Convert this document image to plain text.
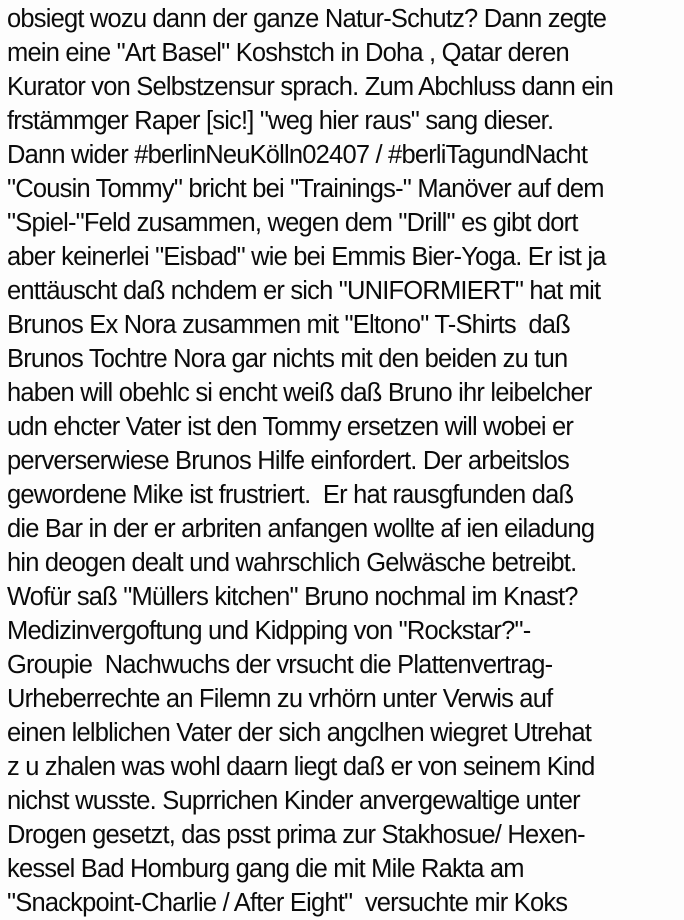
obsiegt wozu dann der ganze Natur-Schutz? Dann zegte
mein eine "Art Basel" Koshstch in Doha , Qatar deren
Kurator von Selbstzensur sprach. Zum Abchluss dann ein
frstämmger Raper [sic!] "weg hier raus" sang dieser.
Dann wider #berlinNeuKölln02407 / #berliTagundNacht
"Cousin Tommy" bricht bei "Trainings-" Manöver auf dem
"Spiel-"Feld zusammen, wegen dem "Drill" es gibt dort
aber keinerlei "Eisbad" wie bei Emmis Bier-Yoga. Er ist ja
enttäuscht daß nchdem er sich "UNIFORMIERT" hat mit
Brunos Ex Nora zusammen mit "Eltono" T-Shirts  daß
Brunos Tochtre Nora gar nichts mit den beiden zu tun
haben will obehlc si encht weiß daß Bruno ihr leibelcher
udn ehcter Vater ist den Tommy ersetzen will wobei er
perverserwiese Brunos Hilfe einfordert. Der arbeitslos
gewordene Mike ist frustriert.  Er hat rausgfunden daß
die Bar in der er arbriten anfangen wollte af ien eiladung
hin deogen dealt und wahrschlich Gelwäsche betreibt.
Wofür saß "Müllers kitchen" Bruno nochmal im Knast?
Medizinvergoftung und Kidpping von "Rockstar?"-
Groupie  Nachwuchs der vrsucht die Plattenvertrag-
Urheberrechte an Filemn zu vrhörn unter Verwis auf
einen lelblichen Vater der sich angclhen wiegret Utrehat
z u zhalen was wohl daarn liegt daß er von seinem Kind
nichst wusste. Suprrichen Kinder anvergewaltige unter
Drogen gesetzt, das psst prima zur Stakhosue/ Hexen-
kessel Bad Homburg gang die mit Mile Rakta am
"Snackpoint-Charlie / After Eight"  versuchte mir Koks
